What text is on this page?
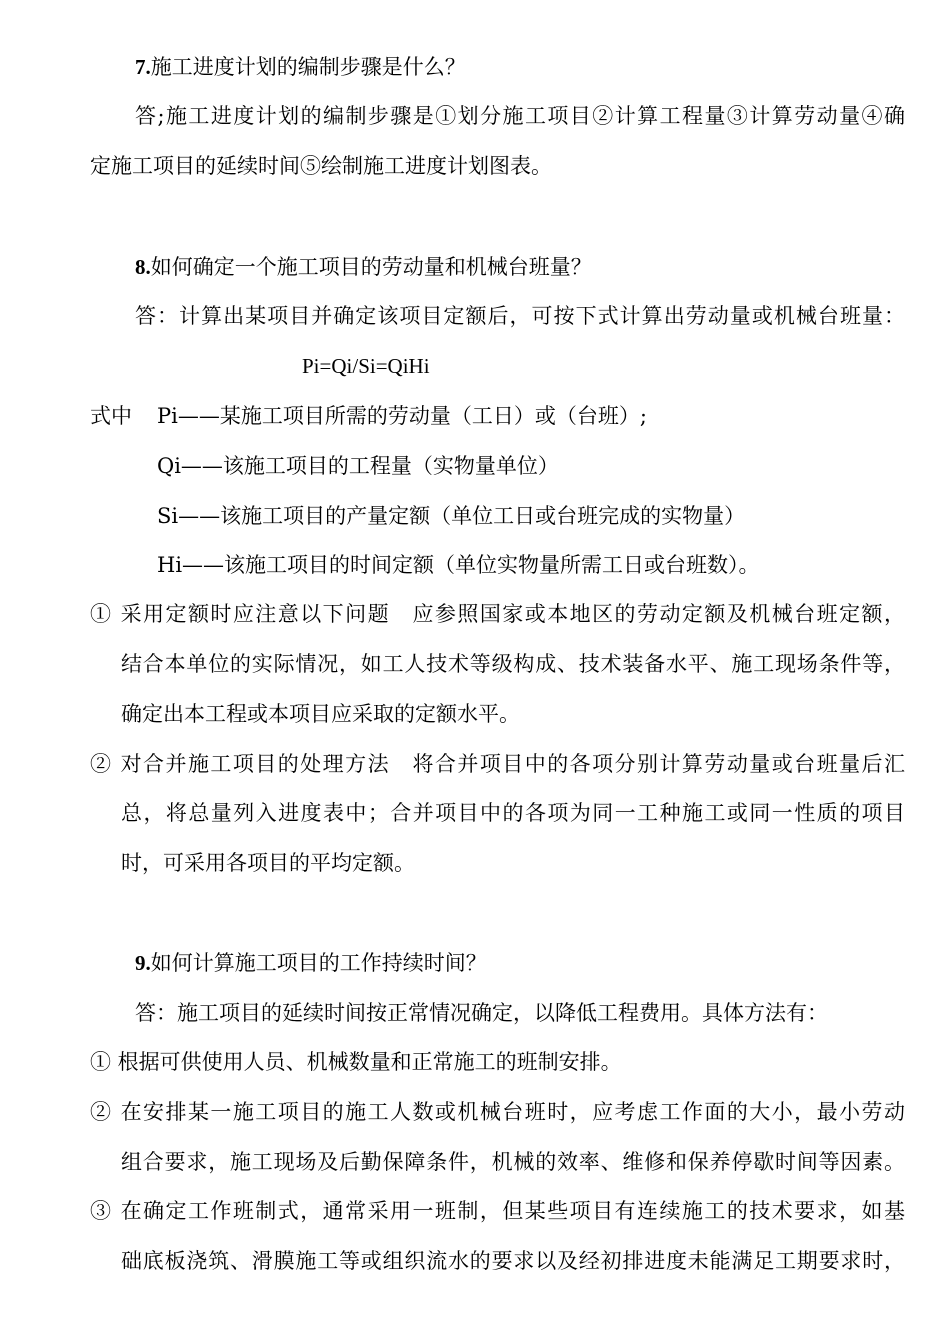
7.施工进度计划的编制步骤是什么？
答;施工进度计划的编制步骤是①划分施工项目②计算工程量③计算劳动量④确
定施工项目的延续时间⑤绘制施工进度计划图表。
8.如何确定一个施工项目的劳动量和机械台班量？
答：计算出某项目并确定该项目定额后，可按下式计算出劳动量或机械台班量：
Pi=Qi/Si=QiHi
式中 Pi——某施工项目所需的劳动量（工日）或（台班）;
Qi——该施工项目的工程量（实物量单位）
Si——该施工项目的产量定额（单位工日或台班完成的实物量）
Hi——该施工项目的时间定额（单位实物量所需工日或台班数）。
① 采用定额时应注意以下问题　应参照国家或本地区的劳动定额及机械台班定额，
结合本单位的实际情况，如工人技术等级构成、技术装备水平、施工现场条件等，
确定出本工程或本项目应采取的定额水平。
② 对合并施工项目的处理方法　将合并项目中的各项分别计算劳动量或台班量后汇
总，将总量列入进度表中；合并项目中的各项为同一工种施工或同一性质的项目
时，可采用各项目的平均定额。
9.如何计算施工项目的工作持续时间？
答：施工项目的延续时间按正常情况确定，以降低工程费用。具体方法有：
① 根据可供使用人员、机械数量和正常施工的班制安排。
② 在安排某一施工项目的施工人数或机械台班时，应考虑工作面的大小，最小劳动
组合要求，施工现场及后勤保障条件，机械的效率、维修和保养停歇时间等因素。
③ 在确定工作班制式，通常采用一班制，但某些项目有连续施工的技术要求，如基
础底板浇筑、滑膜施工等或组织流水的要求以及经初排进度未能满足工期要求时，
